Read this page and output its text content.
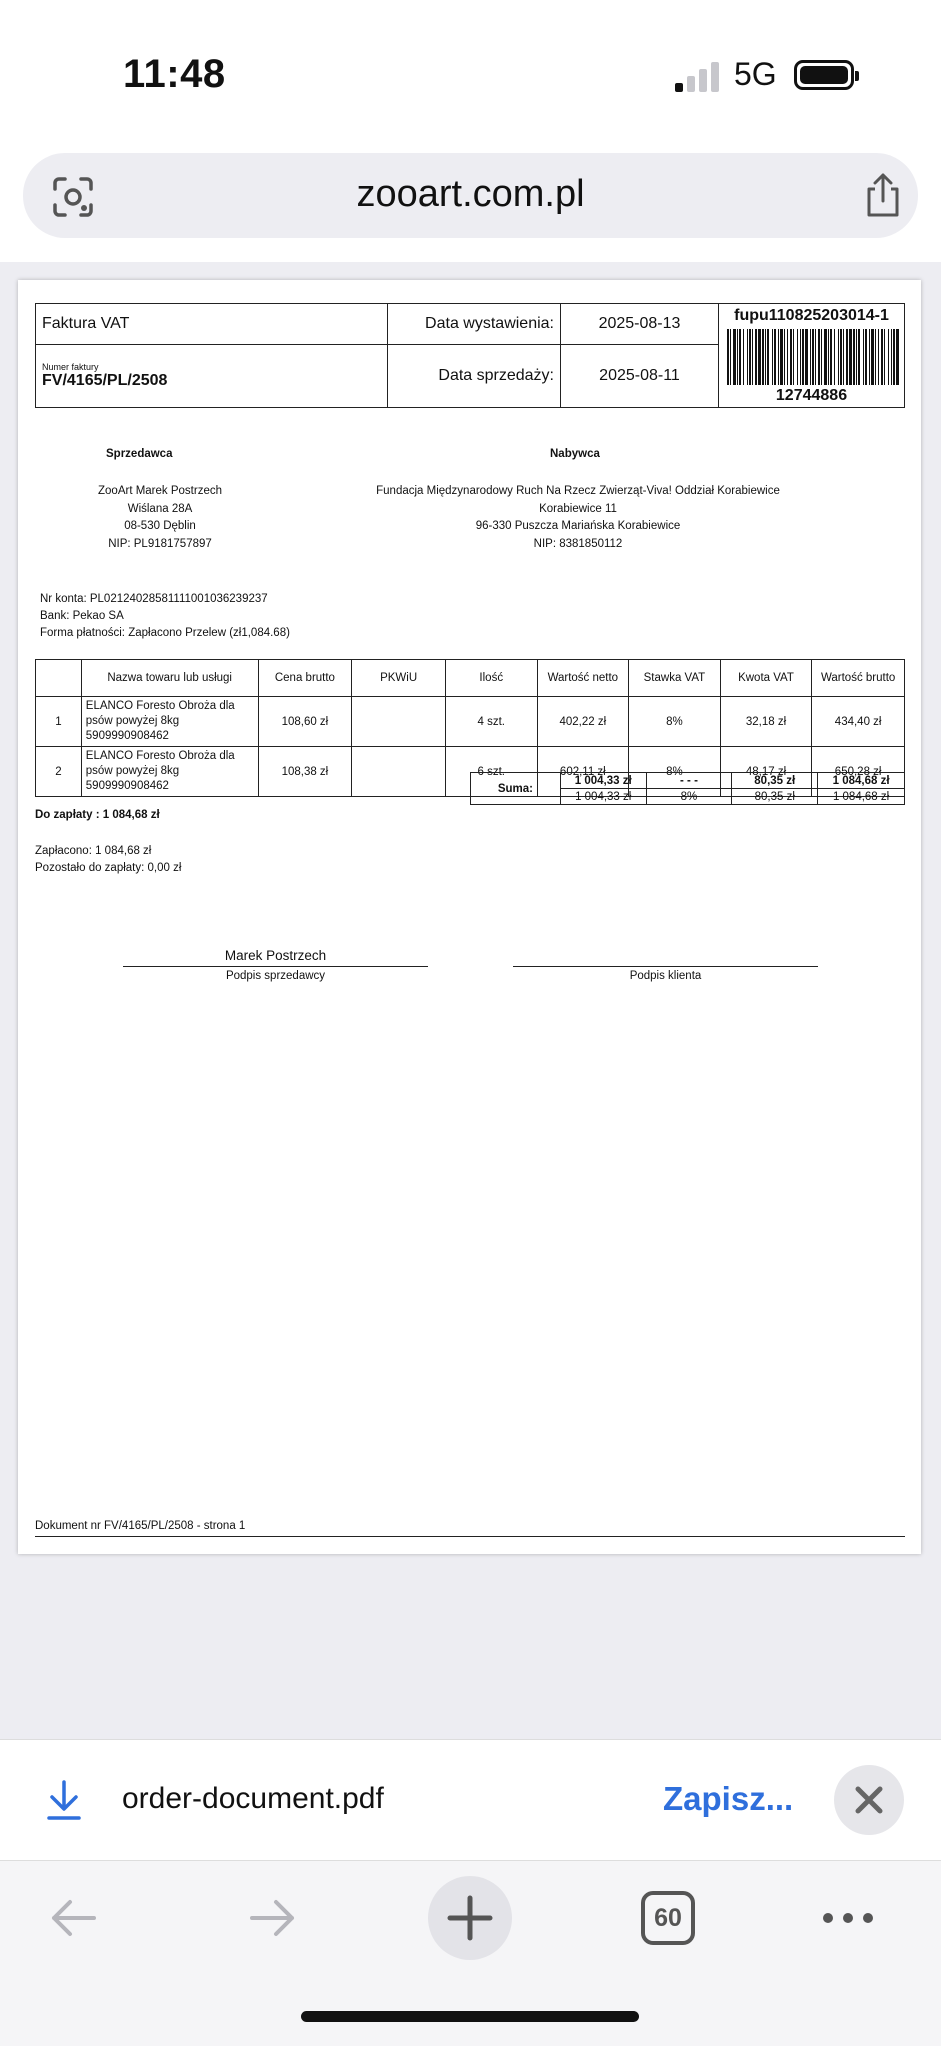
11:48	5G
zooart.com.pl
Faktura VAT	Data wystawienia:	2025-08-13	fupu110825203014-1
12744886

Numer faktury
FV/4165/PL/2508	Data sprzedaży:	2025-08-11	
Sprzedawca
ZooArt Marek Postrzech
Wiślana 28A
08-530 Dęblin
NIP: PL9181757897
Nabywca
Fundacja Międzynarodowy Ruch Na Rzecz Zwierząt-Viva! Oddział Korabiewice
Korabiewice 11
96-330 Puszcza Mariańska Korabiewice
NIP: 8381850112
Nr konta: PL02124028581111001036239237
Bank: Pekao SA
Forma płatności: Zapłacono Przelew (zł1,084.68)
	Nazwa towaru lub usługi	Cena brutto	PKWiU	Ilość	Wartość netto	Stawka VAT	Kwota VAT	Wartość brutto
1	ELANCO Foresto Obroża dla psów powyżej 8kg 5909990908462	108,60 zł		4 szt.	402,22 zł	8%	32,18 zł	434,40 zł
2	ELANCO Foresto Obroża dla psów powyżej 8kg 5909990908462	108,38 zł		6 szt.	602,11 zł	8%	48,17 zł	650,28 zł
Suma:	1 004,33 zł	- - -	80,35 zł	1 084,68 zł
	1 004,33 zł	8%	80,35 zł	1 084,68 zł
Do zapłaty : 1 084,68 zł
Zapłacono: 1 084,68 zł
Pozostało do zapłaty: 0,00 zł
Marek Postrzech
Podpis sprzedawcy	Podpis klienta
Dokument nr FV/4165/PL/2508 - strona 1
order-document.pdf	Zapisz...
60
